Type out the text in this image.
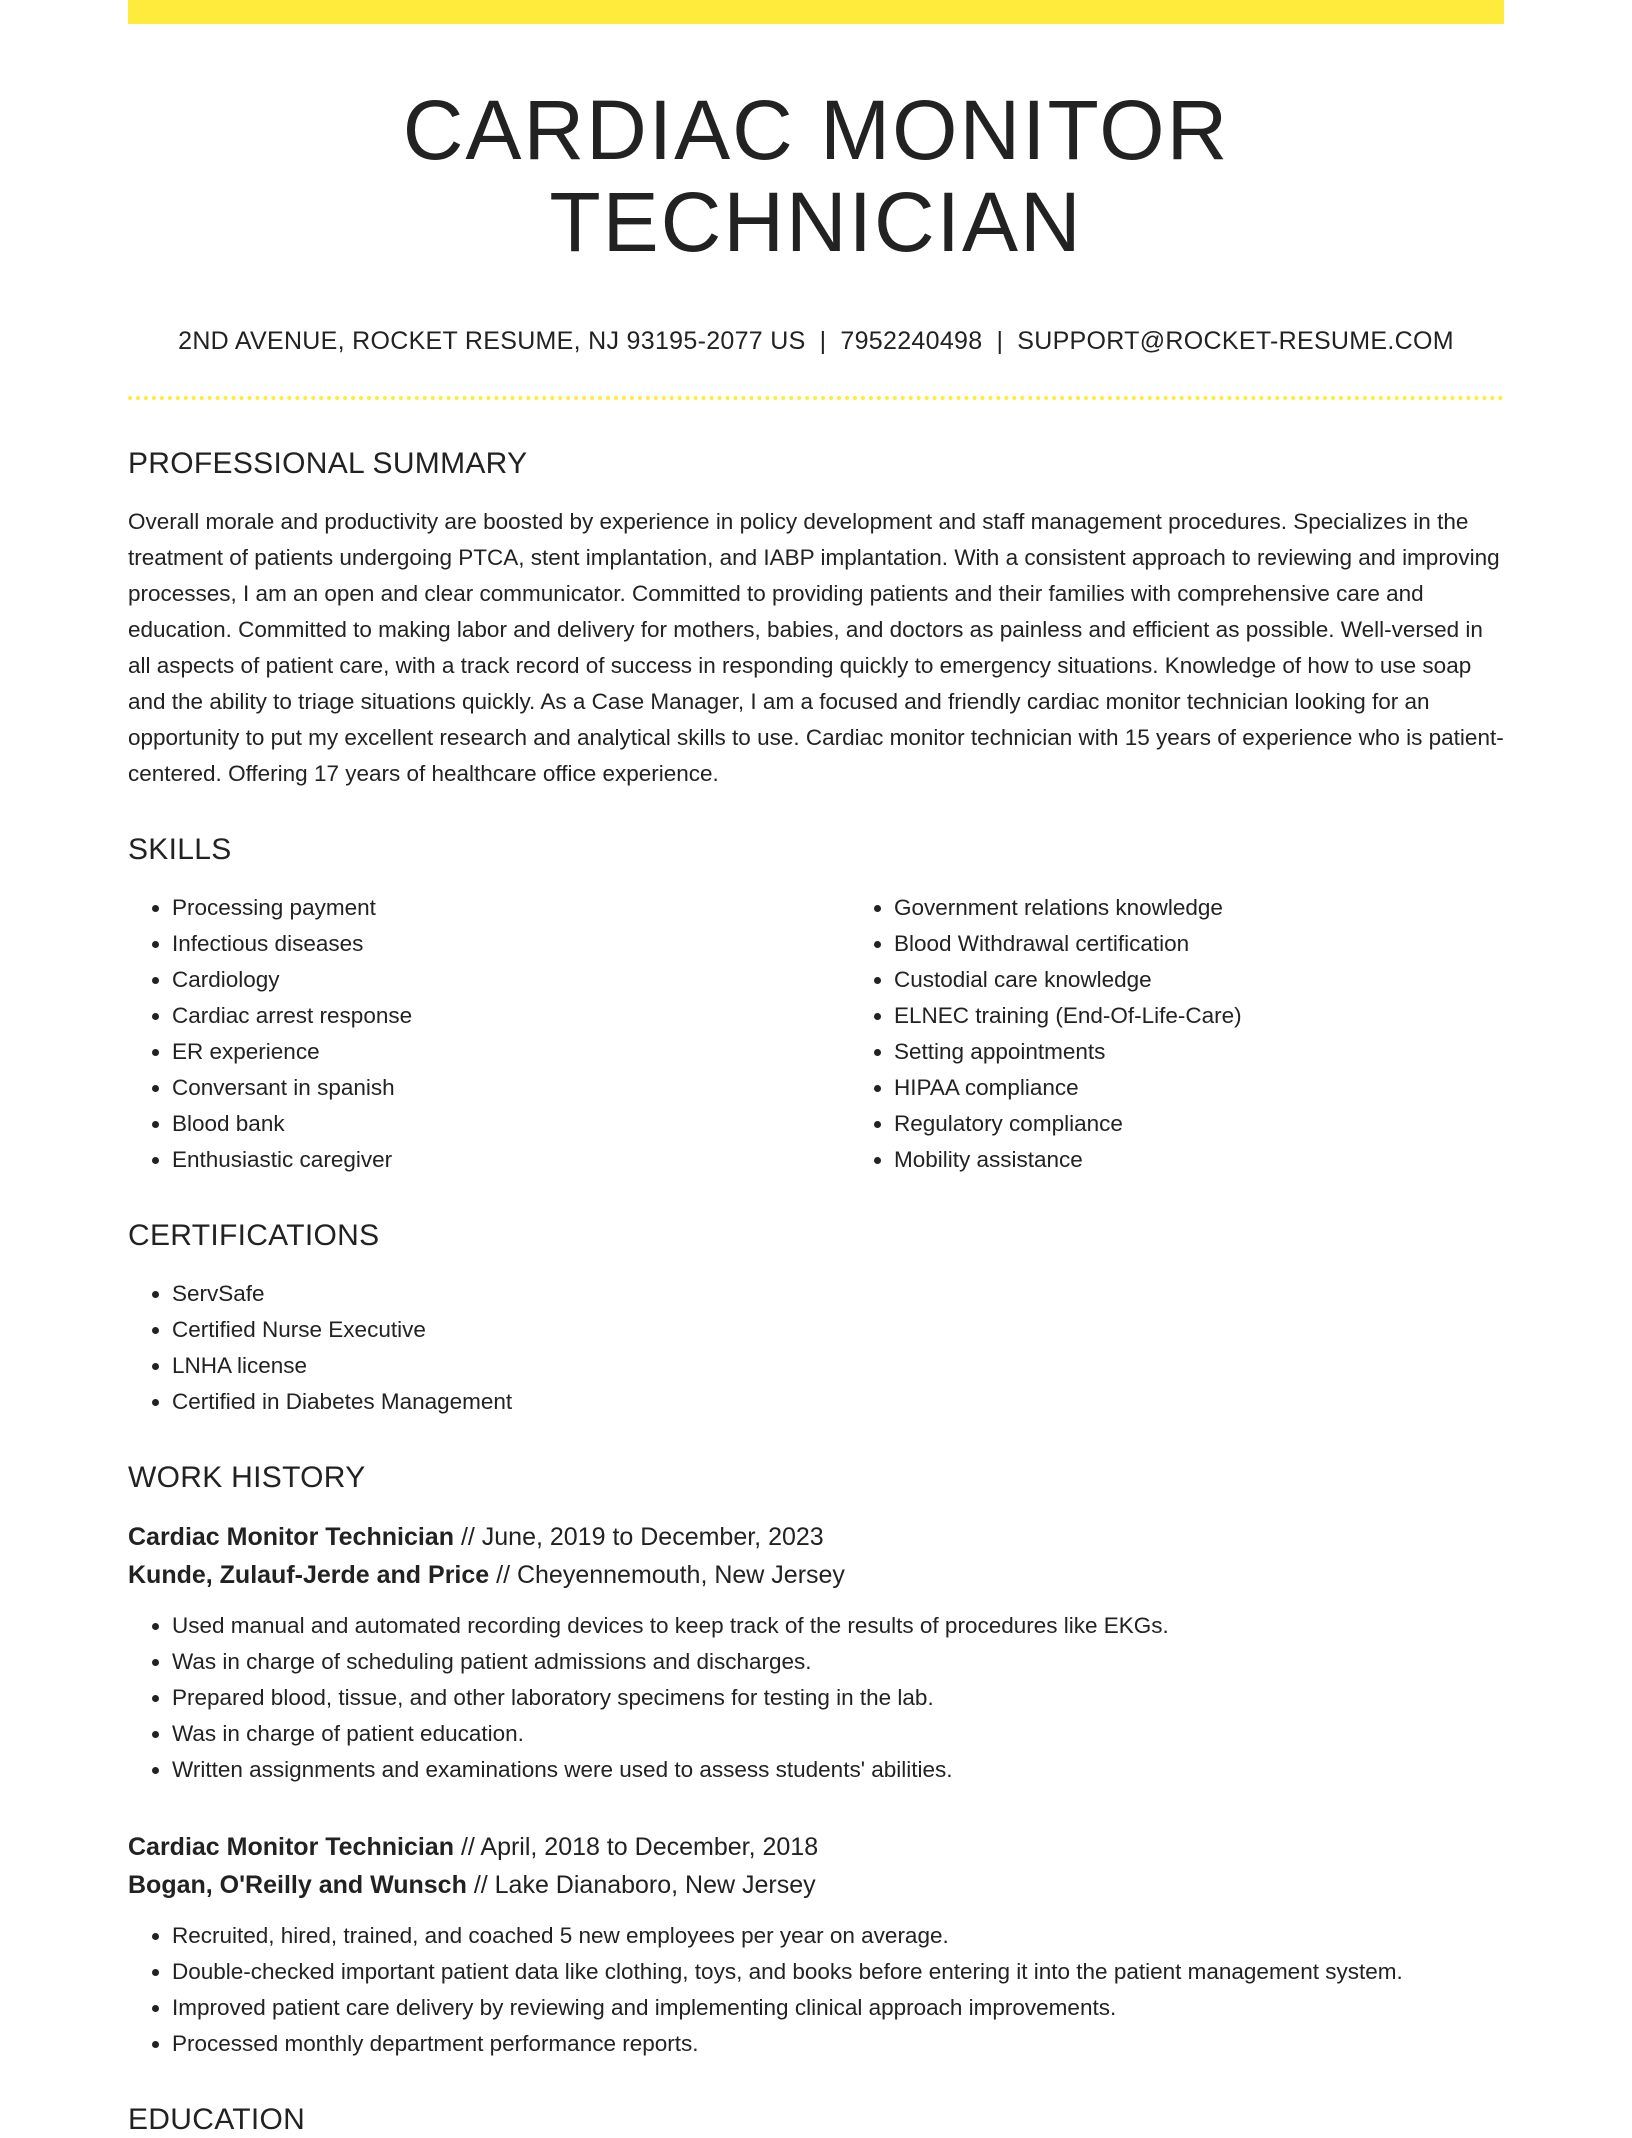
CARDIAC MONITOR TECHNICIAN
2ND AVENUE, ROCKET RESUME, NJ 93195-2077 US | 7952240498 | SUPPORT@ROCKET-RESUME.COM
PROFESSIONAL SUMMARY

Overall morale and productivity are boosted by experience in policy development and staff management procedures. Specializes in the treatment of patients undergoing PTCA, stent implantation, and IABP implantation. With a consistent approach to reviewing and improving processes, I am an open and clear communicator. Committed to providing patients and their families with comprehensive care and education. Committed to making labor and delivery for mothers, babies, and doctors as painless and efficient as possible. Well-versed in all aspects of patient care, with a track record of success in responding quickly to emergency situations. Knowledge of how to use soap and the ability to triage situations quickly. As a Case Manager, I am a focused and friendly cardiac monitor technician looking for an opportunity to put my excellent research and analytical skills to use. Cardiac monitor technician with 15 years of experience who is patient-centered. Offering 17 years of healthcare office experience.

SKILLS
• Processing payment
• Infectious diseases
• Cardiology
• Cardiac arrest response
• ER experience
• Conversant in spanish
• Blood bank
• Enthusiastic caregiver
• Government relations knowledge
• Blood Withdrawal certification
• Custodial care knowledge
• ELNEC training (End-Of-Life-Care)
• Setting appointments
• HIPAA compliance
• Regulatory compliance
• Mobility assistance
CERTIFICATIONS
• ServSafe
• Certified Nurse Executive
• LNHA license
• Certified in Diabetes Management
WORK HISTORY
Cardiac Monitor Technician // June, 2019 to December, 2023
Kunde, Zulauf-Jerde and Price // Cheyennemouth, New Jersey
• Used manual and automated recording devices to keep track of the results of procedures like EKGs.
• Was in charge of scheduling patient admissions and discharges.
• Prepared blood, tissue, and other laboratory specimens for testing in the lab.
• Was in charge of patient education.
• Written assignments and examinations were used to assess students' abilities.
Cardiac Monitor Technician // April, 2018 to December, 2018
Bogan, O'Reilly and Wunsch // Lake Dianaboro, New Jersey
• Recruited, hired, trained, and coached 5 new employees per year on average.
• Double-checked important patient data like clothing, toys, and books before entering it into the patient management system.
• Improved patient care delivery by reviewing and implementing clinical approach improvements.
• Processed monthly department performance reports.
EDUCATION
